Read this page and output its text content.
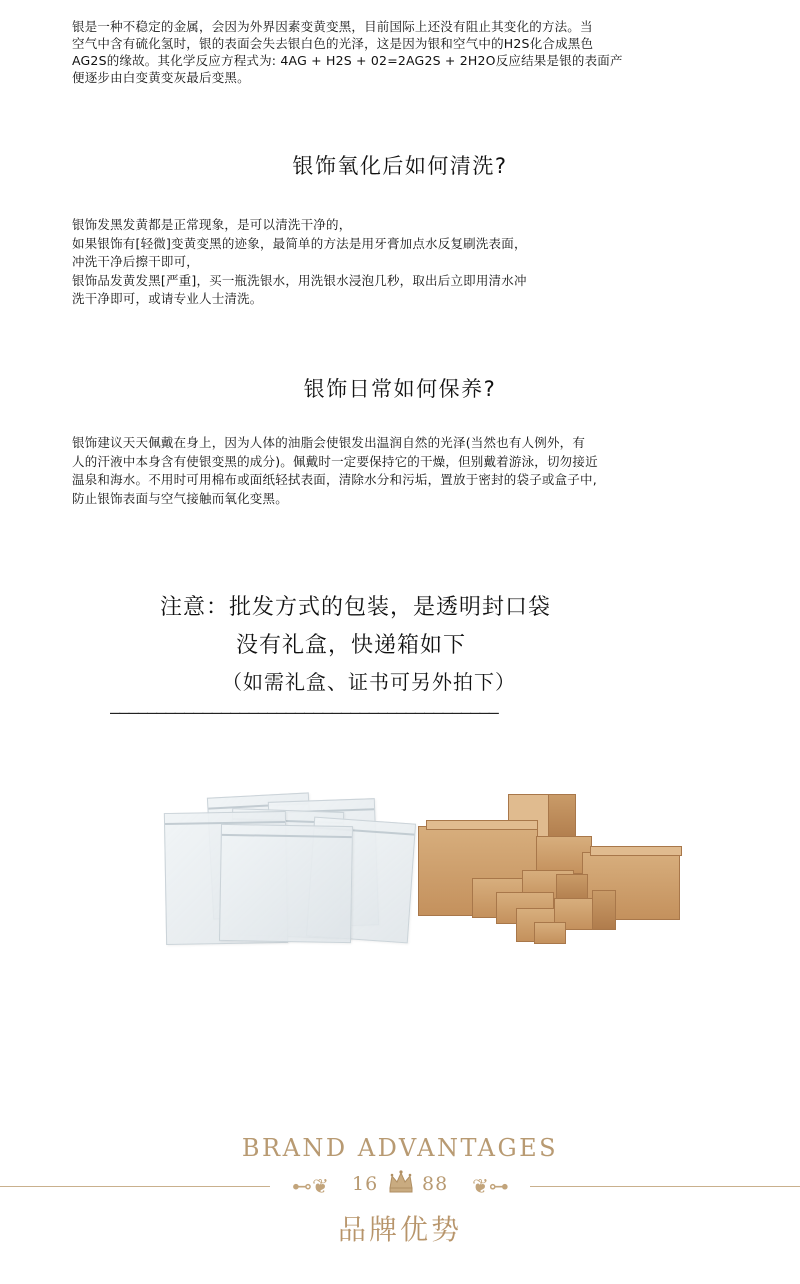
银是一种不稳定的金属，会因为外界因素变黄变黑，目前国际上还没有阻止其变化的方法。当
空气中含有硫化氢时，银的表面会失去银白色的光泽，这是因为银和空气中的H2S化合成黑色
AG2S的缘故。其化学反应方程式为: 4AG + H2S + 02=2AG2S + 2H2O反应结果是银的表面产
便逐步由白变黄变灰最后变黑。
银饰氧化后如何清洗?
银饰发黑发黄都是正常现象，是可以清洗干净的，
如果银饰有[轻微]变黄变黑的迹象，最简单的方法是用牙膏加点水反复刷洗表面，
冲洗干净后擦干即可，
银饰品发黄发黑[严重]，买一瓶洗银水，用洗银水浸泡几秒，取出后立即用清水冲
洗干净即可，或请专业人士清洗。
银饰日常如何保养?
银饰建议天天佩戴在身上，因为人体的油脂会使银发出温润自然的光泽(当然也有人例外，有
人的汗液中本身含有使银变黑的成分)。佩戴时一定要保持它的干燥，但别戴着游泳，切勿接近
温泉和海水。不用时可用棉布或面纸轻拭表面，清除水分和污垢，置放于密封的袋子或盒子中,
防止银饰表面与空气接触而氧化变黑。

注意：批发方式的包装，是透明封口袋

没有礼盒，快递箱如下

（如需礼盒、证书可另外拍下）

——————————————————————————————————————————

BRAND ADVANTAGES

⊷❦	❦⊶
16 88

品牌优势
